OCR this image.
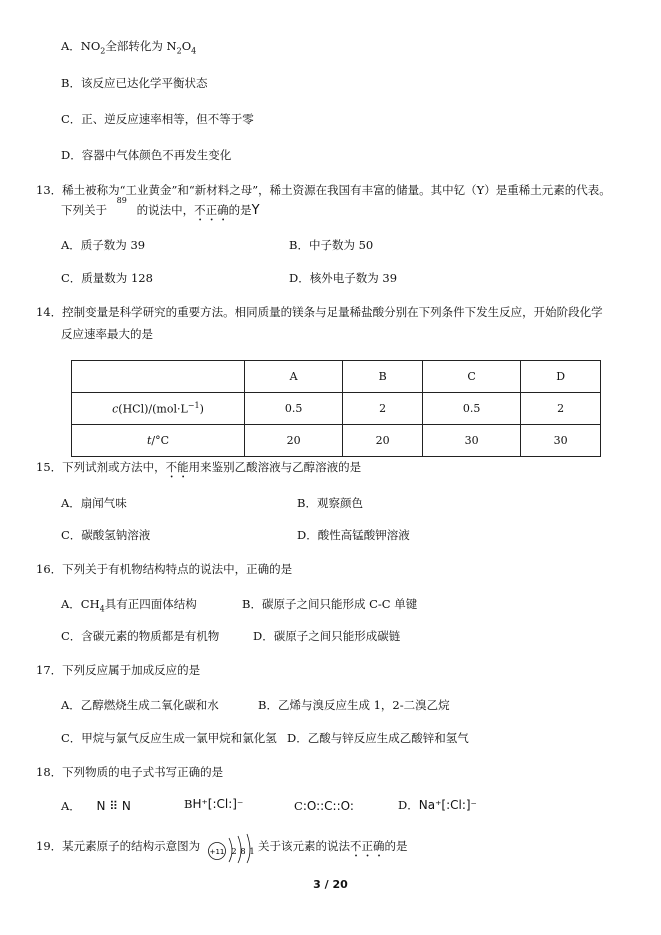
A．$NO_2$全部转化为 $N_2O_4$
B．该反应已达化学平衡状态
C．正、逆反应速率相等，但不等于零
D．容器中气体颜色不再发生变化
13．稀土被称为“工业黄金”和“新材料之母”，稀土资源在我国有丰富的储量。其中钇（Y）是重稀土元素的代表。
下列关于
89
39
的说法中，不正确的是Y
A．质子数为 39	B．中子数为 50
C．质量数为 128	D．核外电子数为 39
14．控制变量是科学研究的重要方法。相同质量的镁条与足量稀盐酸分别在下列条件下发生反应，开始阶段化学
反应速率最大的是
	A	B	C	D
$c(HCl)/(mol\cdot L^{-1})$	0.5	2	0.5	2
t/°C	20	20	30	30
15．下列试剂或方法中，不能用来鉴别乙酸溶液与乙醇溶液的是
A．扇闻气味	B．观察颜色
C．碳酸氢钠溶液	D．酸性高锰酸钾溶液
16．下列关于有机物结构特点的说法中，正确的是
A．$CH_4$具有正四面体结构	B．碳原子之间只能形成 C-C 单键
C．含碳元素的物质都是有机物	D．碳原子之间只能形成碳链
17．下列反应属于加成反应的是
A．乙醇燃烧生成二氧化碳和水	B．乙烯与溴反应生成 1，2-二溴乙烷
C．甲烷与氯气反应生成一氯甲烷和氯化氢 D．乙酸与锌反应生成乙酸锌和氢气
18．下列物质的电子式书写正确的是
A． N ⠿ N	BH⁺[:Cl:]⁻	C:O::C::O:	D．Na⁺[:Cl:]⁻
19．某元素原子的结构示意图为 +11 2 8 1 关于该元素的说法不正确的是
3 / 20
